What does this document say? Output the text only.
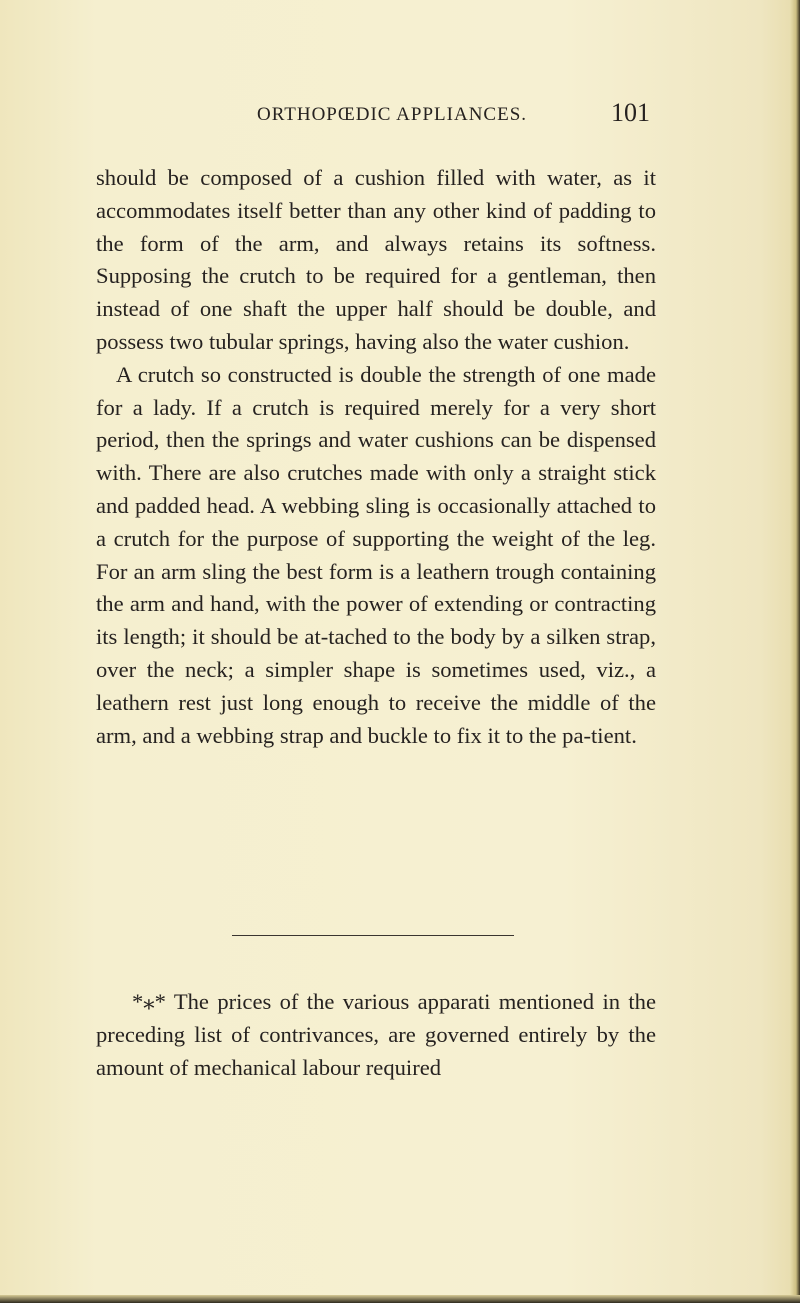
ORTHOPŒDIC APPLIANCES.	101

should be composed of a cushion filled with water, as it accommodates itself better than any other kind of padding to the form of the arm, and always retains its softness. Supposing the crutch to be required for a gentleman, then instead of one shaft the upper half should be double, and possess two tubular springs, having also the water cushion.

A crutch so constructed is double the strength of one made for a lady. If a crutch is required merely for a very short period, then the springs and water cushions can be dispensed with. There are also crutches made with only a straight stick and padded head. A webbing sling is occasionally attached to a crutch for the purpose of supporting the weight of the leg. For an arm sling the best form is a leathern trough containing the arm and hand, with the power of extending or contracting its length; it should be at-tached to the body by a silken strap, over the neck; a simpler shape is sometimes used, viz., a leathern rest just long enough to receive the middle of the arm, and a webbing strap and buckle to fix it to the pa-tient.

*⁎* The prices of the various apparati mentioned in the preceding list of contrivances, are governed entirely by the amount of mechanical labour required
